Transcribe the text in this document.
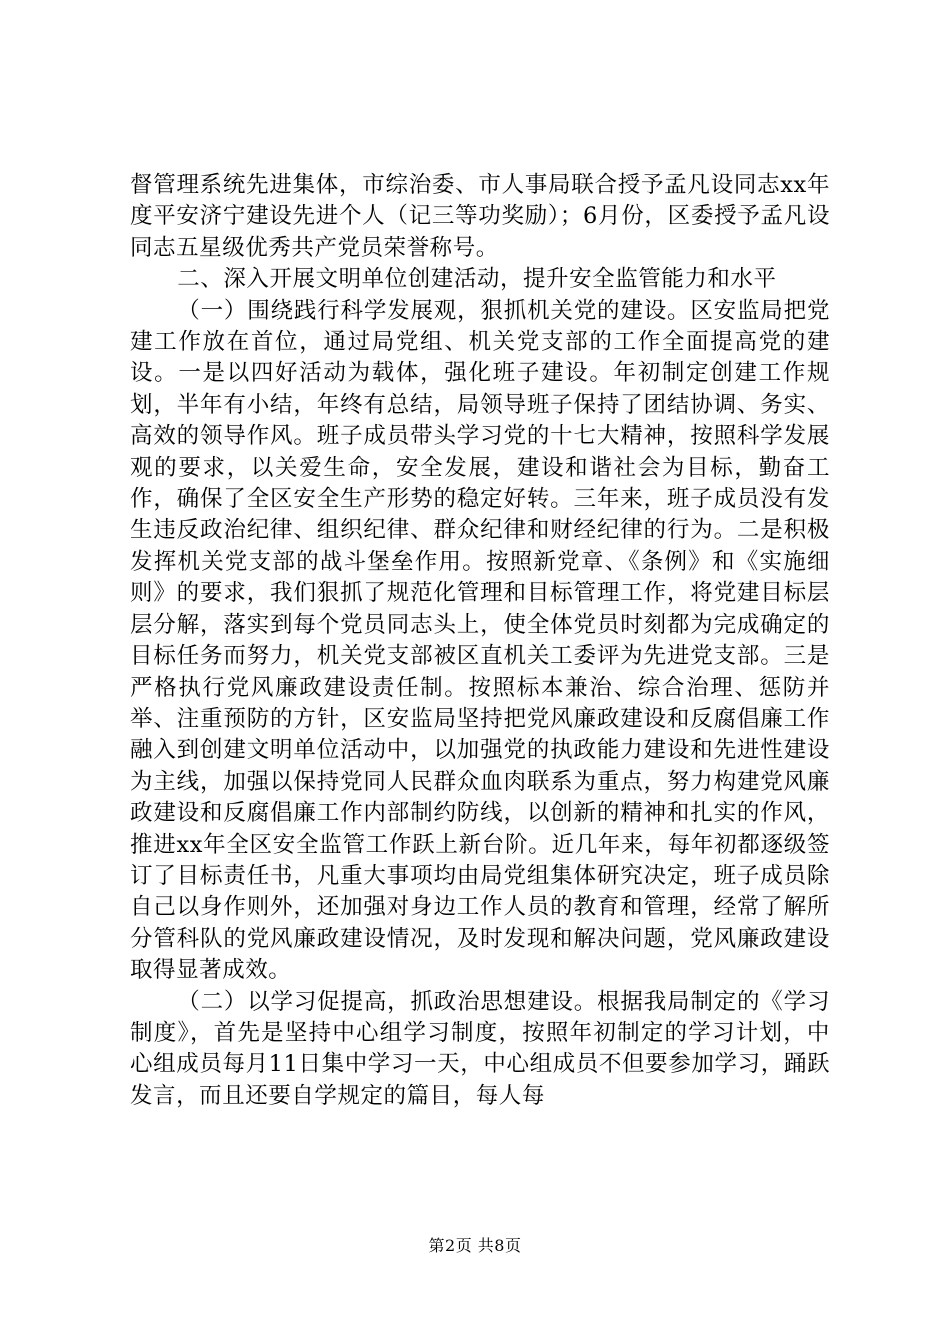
督管理系统先进集体，市综治委、市人事局联合授予孟凡设同志xx年度平安济宁建设先进个人（记三等功奖励）；6月份，区委授予孟凡设同志五星级优秀共产党员荣誉称号。

二、深入开展文明单位创建活动，提升安全监管能力和水平

（一）围绕践行科学发展观，狠抓机关党的建设。区安监局把党建工作放在首位，通过局党组、机关党支部的工作全面提高党的建设。一是以四好活动为载体，强化班子建设。年初制定创建工作规划，半年有小结，年终有总结，局领导班子保持了团结协调、务实、高效的领导作风。班子成员带头学习党的十七大精神，按照科学发展观的要求，以关爱生命，安全发展，建设和谐社会为目标，勤奋工作，确保了全区安全生产形势的稳定好转。三年来，班子成员没有发生违反政治纪律、组织纪律、群众纪律和财经纪律的行为。二是积极发挥机关党支部的战斗堡垒作用。按照新党章、《条例》和《实施细则》的要求，我们狠抓了规范化管理和目标管理工作，将党建目标层层分解，落实到每个党员同志头上，使全体党员时刻都为完成确定的目标任务而努力，机关党支部被区直机关工委评为先进党支部。三是严格执行党风廉政建设责任制。按照标本兼治、综合治理、惩防并举、注重预防的方针，区安监局坚持把党风廉政建设和反腐倡廉工作融入到创建文明单位活动中，以加强党的执政能力建设和先进性建设为主线，加强以保持党同人民群众血肉联系为重点，努力构建党风廉政建设和反腐倡廉工作内部制约防线，以创新的精神和扎实的作风，推进xx年全区安全监管工作跃上新台阶。近几年来，每年初都逐级签订了目标责任书，凡重大事项均由局党组集体研究决定，班子成员除自己以身作则外，还加强对身边工作人员的教育和管理，经常了解所分管科队的党风廉政建设情况，及时发现和解决问题，党风廉政建设取得显著成效。

（二）以学习促提高，抓政治思想建设。根据我局制定的《学习制度》，首先是坚持中心组学习制度，按照年初制定的学习计划，中心组成员每月11日集中学习一天，中心组成员不但要参加学习，踊跃发言，而且还要自学规定的篇目，每人每

第2页 共8页
